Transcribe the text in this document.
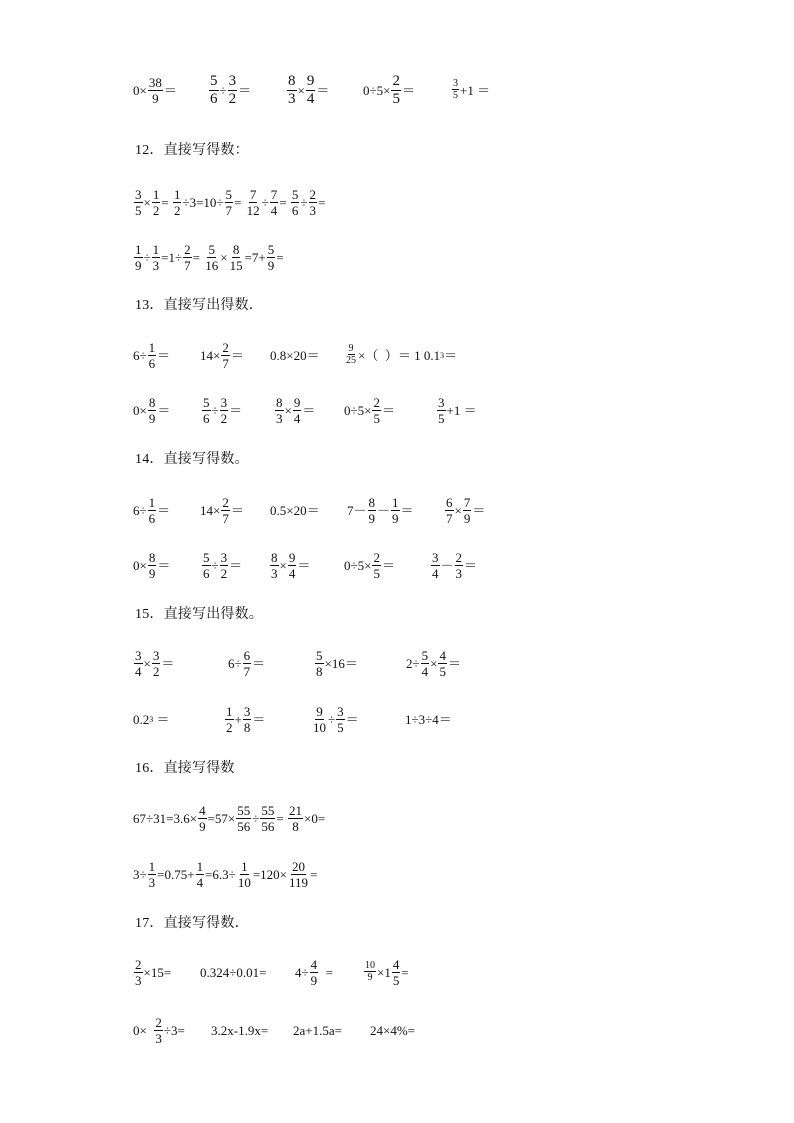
$0\times \frac{38}{9} = \frac{5}{6} \div \frac{3}{2} = \frac{8}{3} \times \frac{9}{4}$ ＝	$0\div 5\times \frac{2}{5}$ ＝	$\frac{3}{5} +1$ ＝
12．直接写得数：
$\frac{3}{5} \times \frac{1}{2}$ =
$\frac{1}{2} \div 3= 10\div \frac{5}{7}$ =
$\frac{7}{12} \div \frac{7}{4}$ =
$\frac{5}{6} \div \frac{2}{3}$ =
$\frac{1}{9} \div \frac{1}{3} = 1\div \frac{2}{7}$ =
$\frac{5}{16} \times \frac{8}{15} = 7+ \frac{5}{9}$ =
13．直接写出得数．
$6\div \frac{1}{6} = 14\times \frac{2}{7} = 0.8\times 20=$	$\frac{9}{25}$ ×（  ）＝ 1 0.1 3 ＝
$0\times \frac{8}{9} = \frac{5}{6} \div \frac{3}{2}$ ＝	$\frac{8}{3} \times \frac{9}{4} = 0\div 5\times \frac{2}{5}$ ＝	$\frac{3}{5} +1$ ＝
14．直接写得数。
$6\div \frac{1}{6} = 14\times \frac{2}{7} = 0.5\times 20= 7- \frac{8}{9} - \frac{1}{9} = \frac{6}{7} \times \frac{7}{9}$ ＝
$0\times \frac{8}{9} = \frac{5}{6} \div \frac{3}{2} = \frac{8}{3} \times \frac{9}{4}$ ＝	$0\div 5\times \frac{2}{5}$ ＝	$\frac{3}{4} - \frac{2}{3}$ ＝
15．直接写出得数。
$\frac{3}{4} \times \frac{3}{2}$ ＝	$6\div \frac{6}{7}$ ＝	$\frac{5}{8} \times 16=$	$2\div \frac{5}{4} \times \frac{4}{5}$ ＝
0.2 3 ＝	$\frac{1}{2} + \frac{3}{8}$ ＝	$\frac{9}{10} \div \frac{3}{5}$ ＝	1÷3÷4＝
16．直接写得数
$67\div 31= 3.6\times \frac{4}{9} = 57\times \frac{55}{56} \div \frac{55}{56}$ =
$\frac{21}{8} \times 0=$
$3\div \frac{1}{3} = 0.75+ \frac{1}{4} = 6.3\div \frac{1}{10} = 120\times \frac{20}{119}$ =
17．直接写得数．
$\frac{2}{3} \times 15= 0.324\div 0.01= 4\div \frac{4}{9}$ =	$\frac{10}{9} \times 1 \frac{4}{5}$ =
$0\times \frac{2}{3} \div 3= 3.2x-1.9x= 2a+1.5a= 24\times 4\%=$
